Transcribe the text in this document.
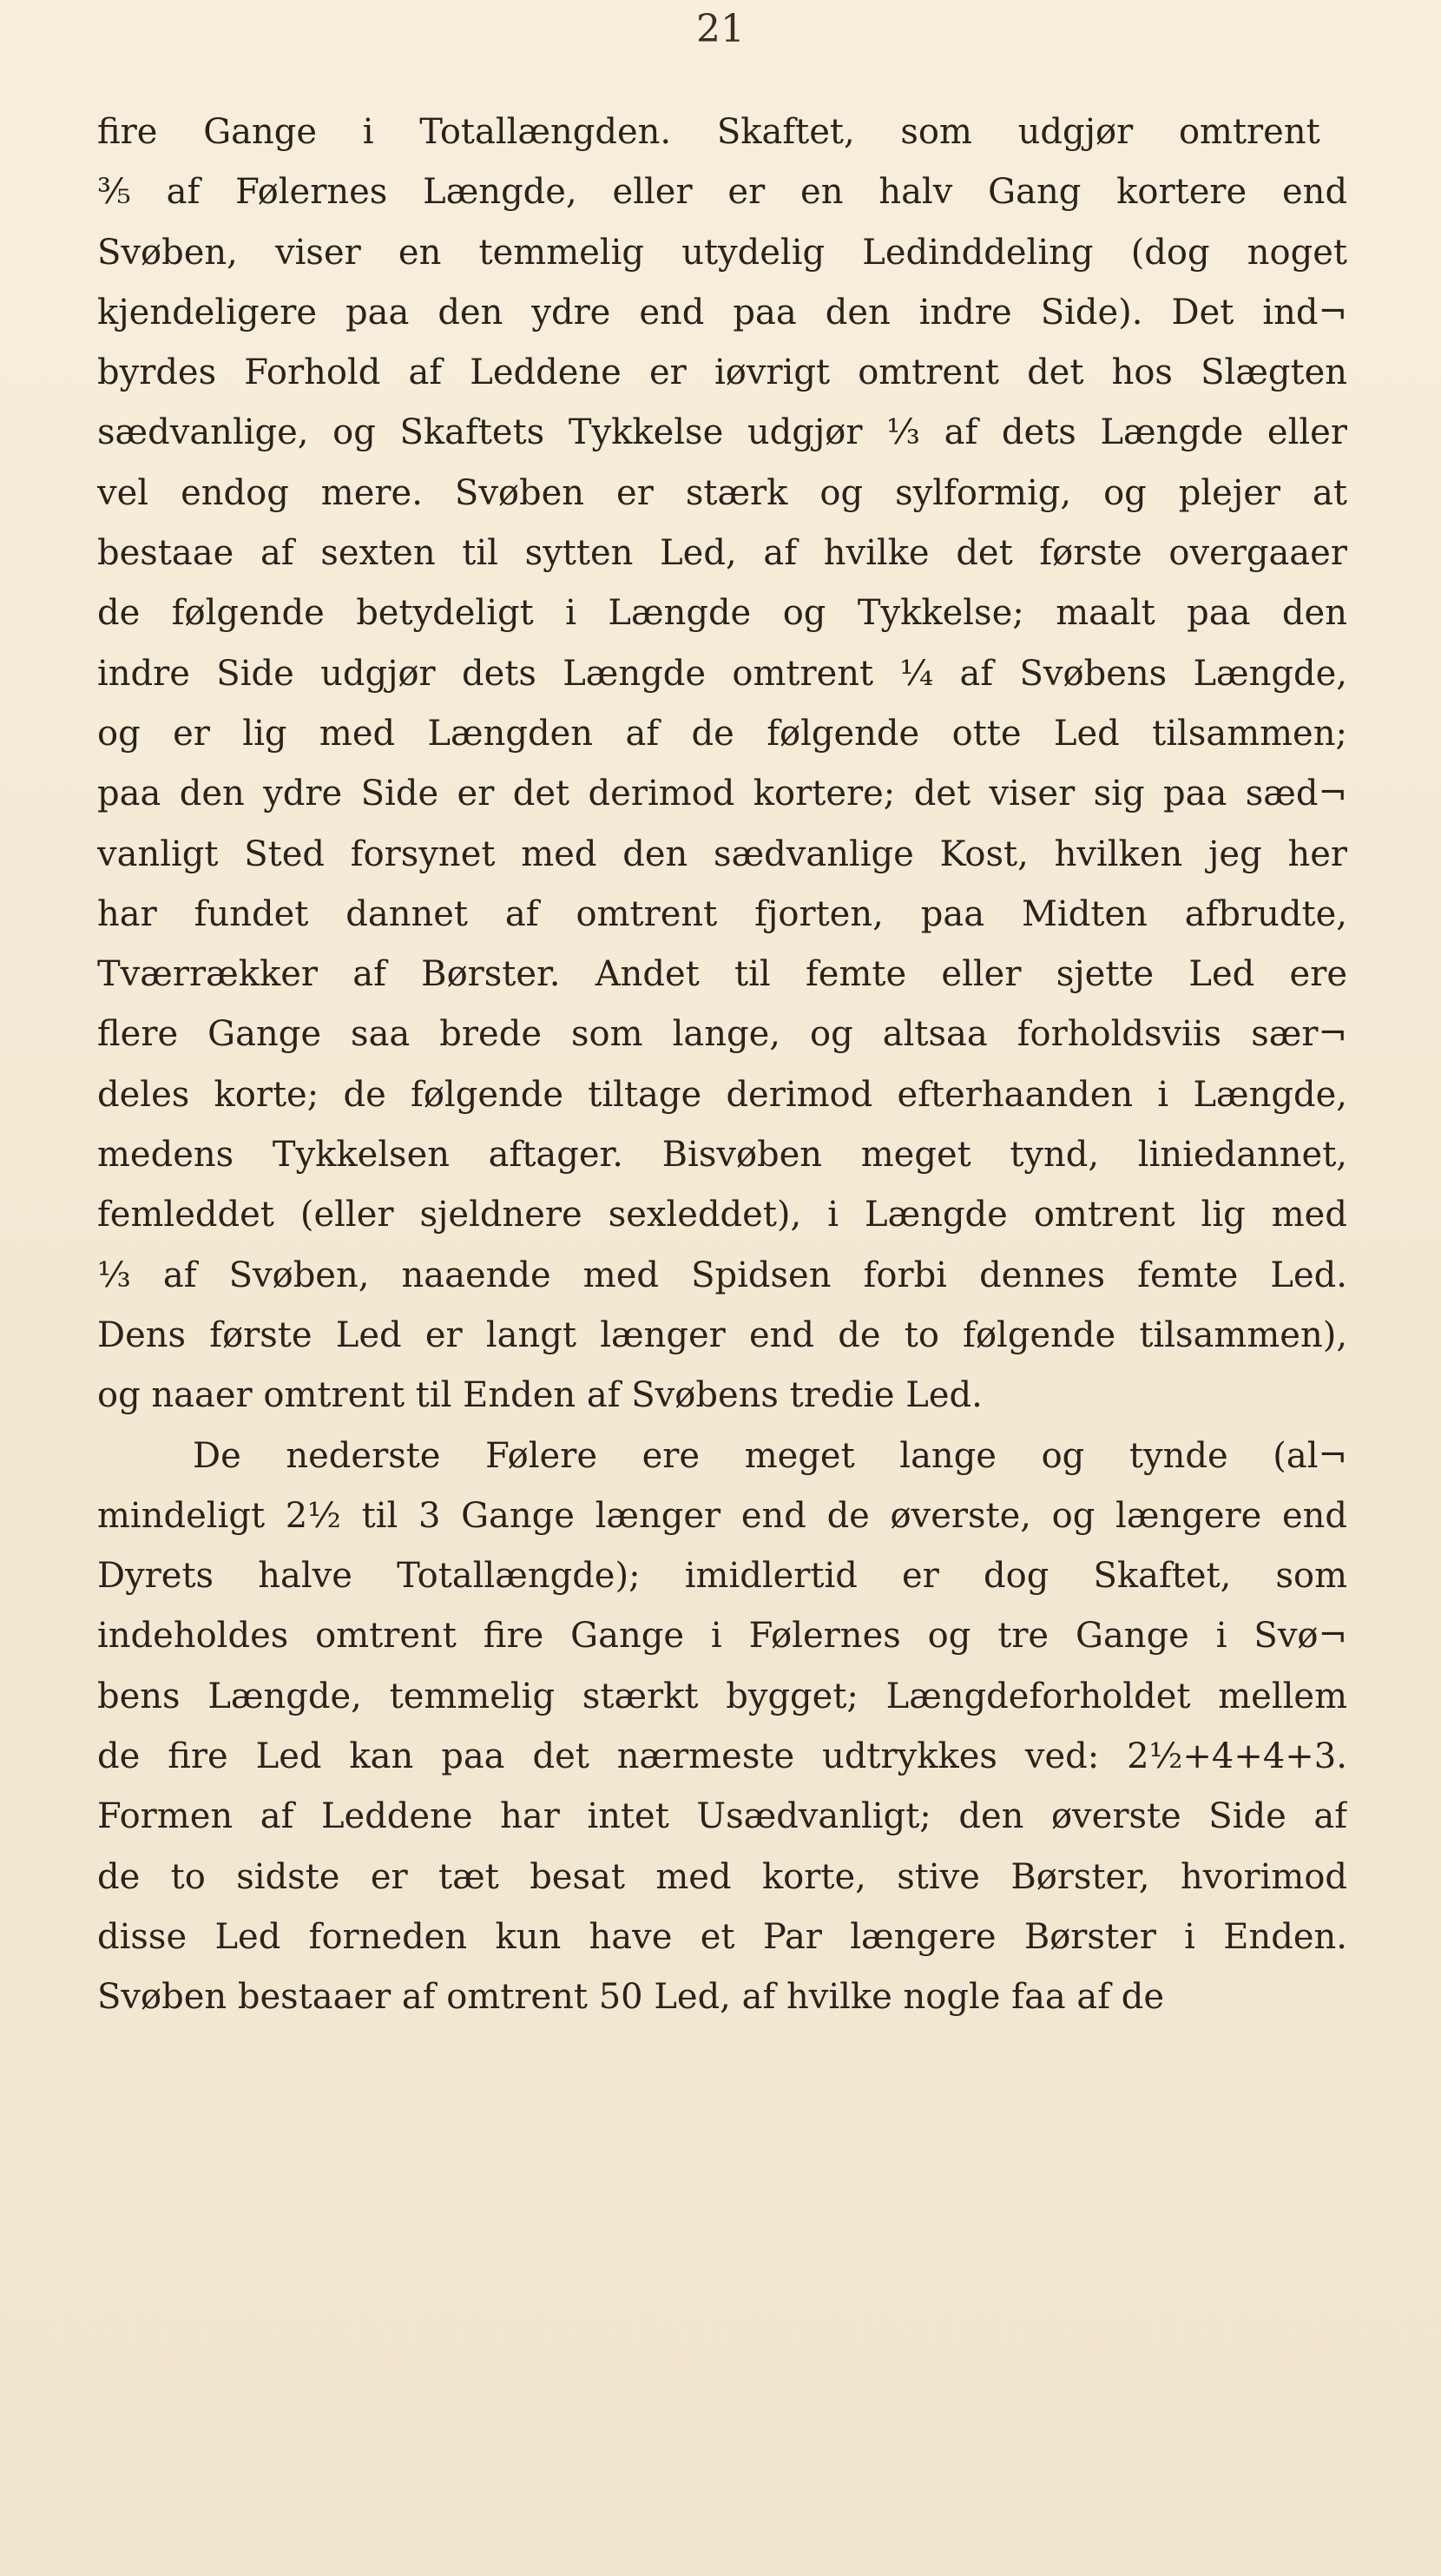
21
fire Gange i Totallængden. Skaftet, som udgjør omtrent
⅗ af Følernes Længde, eller er en halv Gang kortere end
Svøben, viser en temmelig utydelig Ledinddeling (dog noget
kjendeligere paa den ydre end paa den indre Side). Det ind¬
byrdes Forhold af Leddene er iøvrigt omtrent det hos Slægten
sædvanlige, og Skaftets Tykkelse udgjør ⅓ af dets Længde eller
vel endog mere. Svøben er stærk og sylformig, og plejer at
bestaae af sexten til sytten Led, af hvilke det første overgaaer
de følgende betydeligt i Længde og Tykkelse; maalt paa den
indre Side udgjør dets Længde omtrent ¼ af Svøbens Længde,
og er lig med Længden af de følgende otte Led tilsammen;
paa den ydre Side er det derimod kortere; det viser sig paa sæd¬
vanligt Sted forsynet med den sædvanlige Kost, hvilken jeg her
har fundet dannet af omtrent fjorten, paa Midten afbrudte,
Tværrækker af Børster. Andet til femte eller sjette Led ere
flere Gange saa brede som lange, og altsaa forholdsviis sær¬
deles korte; de følgende tiltage derimod efterhaanden i Længde,
medens Tykkelsen aftager. Bisvøben meget tynd, liniedannet,
femleddet (eller sjeldnere sexleddet), i Længde omtrent lig med
⅓ af Svøben, naaende med Spidsen forbi dennes femte Led.
Dens første Led er langt længer end de to følgende tilsammen),
og naaer omtrent til Enden af Svøbens tredie Led.
De nederste Følere ere meget lange og tynde (al¬
mindeligt 2½ til 3 Gange længer end de øverste, og længere end
Dyrets halve Totallængde); imidlertid er dog Skaftet, som
indeholdes omtrent fire Gange i Følernes og tre Gange i Svø¬
bens Længde, temmelig stærkt bygget; Længdeforholdet mellem
de fire Led kan paa det nærmeste udtrykkes ved: 2½+4+4+3.
Formen af Leddene har intet Usædvanligt; den øverste Side af
de to sidste er tæt besat med korte, stive Børster, hvorimod
disse Led forneden kun have et Par længere Børster i Enden.
Svøben bestaaer af omtrent 50 Led, af hvilke nogle faa af de
